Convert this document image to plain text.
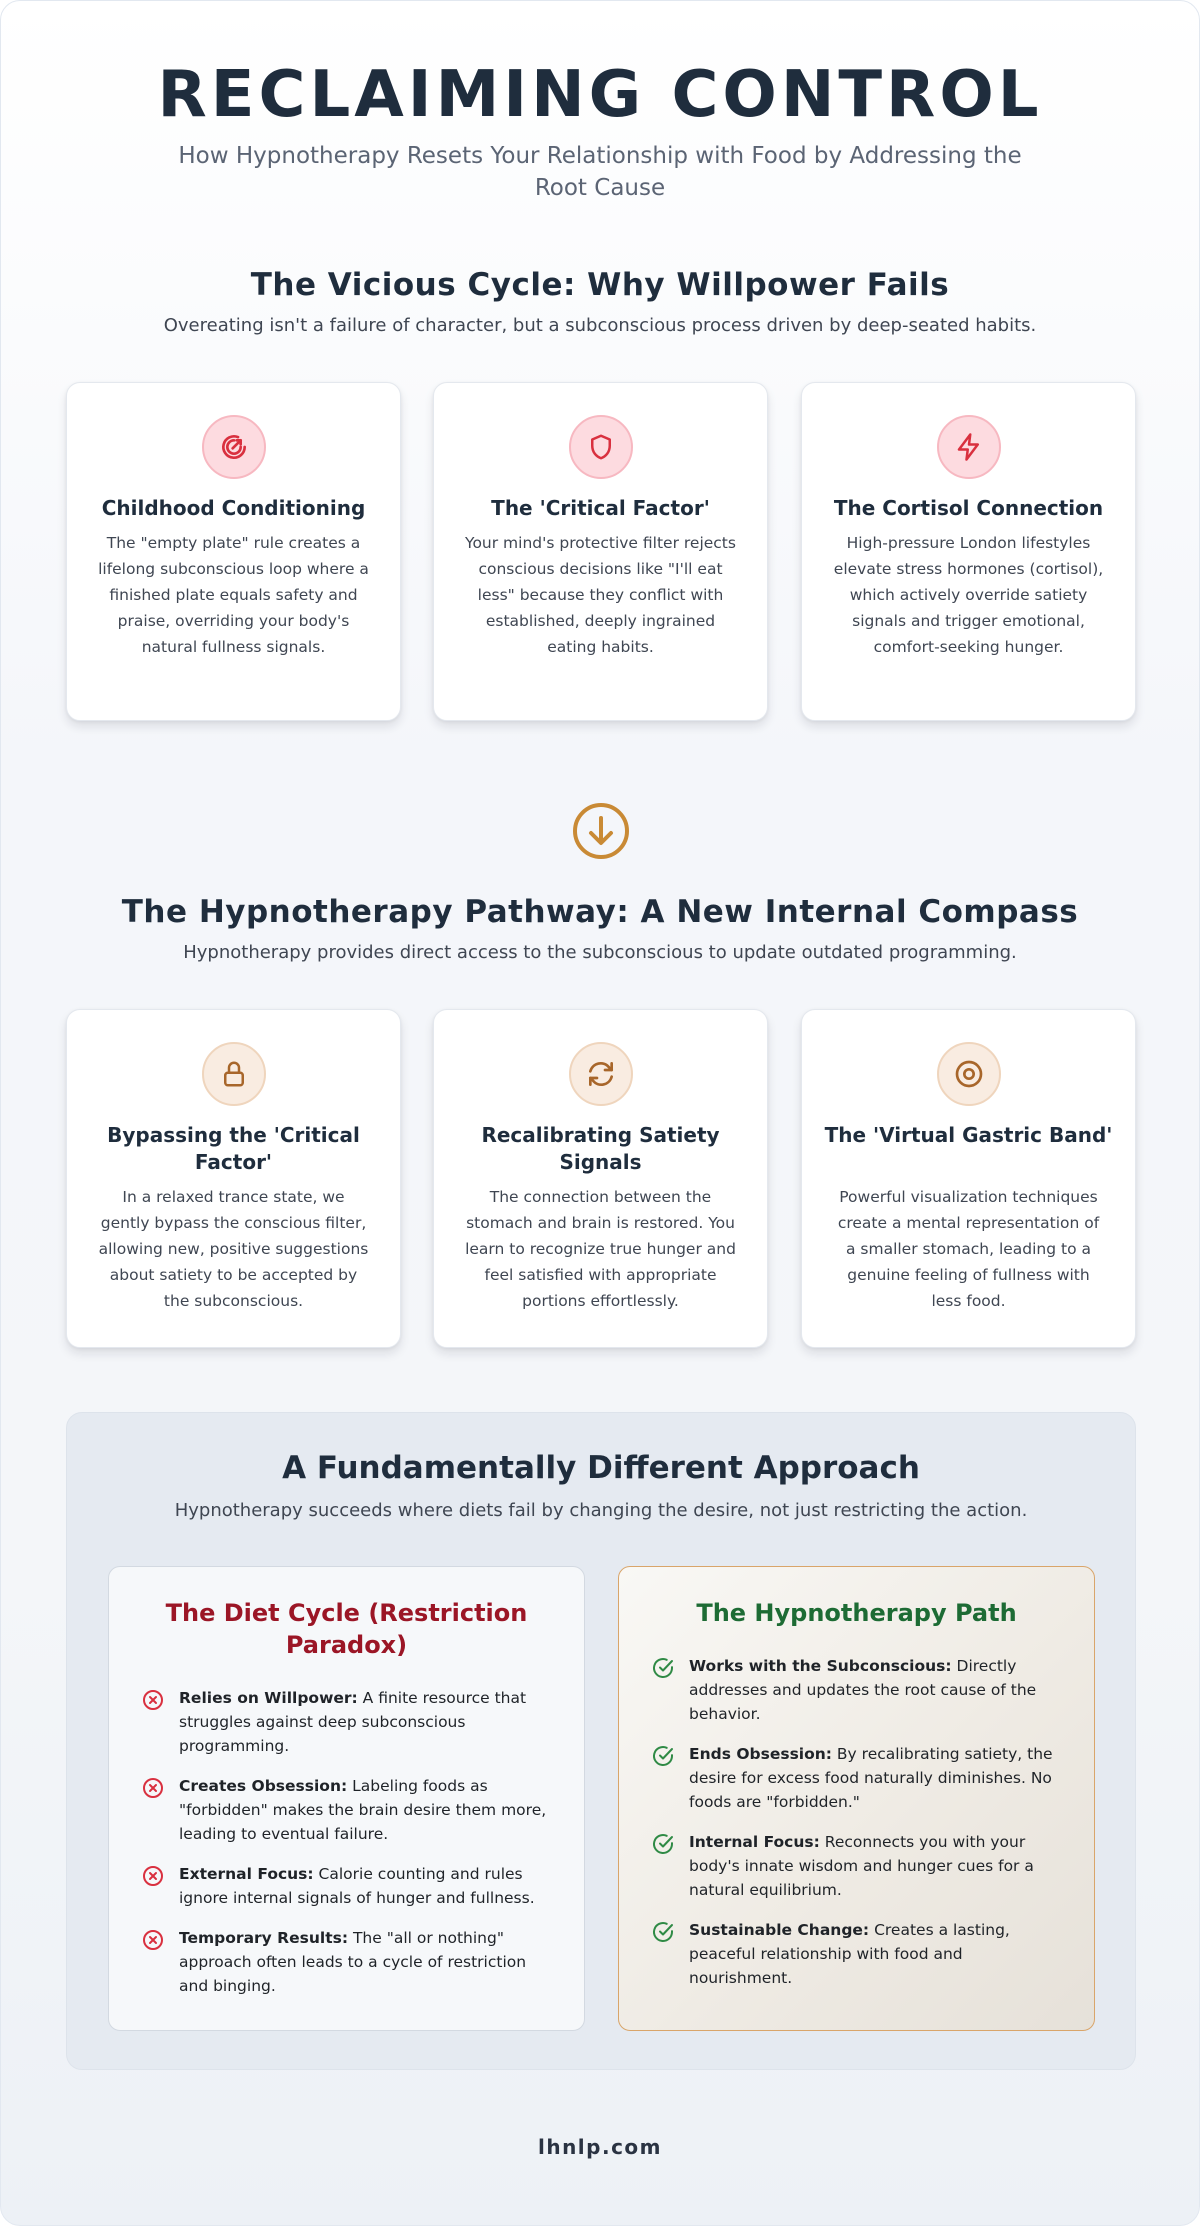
RECLAIMING CONTROL

How Hypnotherapy Resets Your Relationship with Food by Addressing the Root Cause

The Vicious Cycle: Why Willpower Fails

Overeating isn't a failure of character, but a subconscious process driven by deep-seated habits.

Childhood Conditioning
The "empty plate" rule creates a lifelong subconscious loop where a finished plate equals safety and praise, overriding your body's natural fullness signals.
The 'Critical Factor'
Your mind's protective filter rejects conscious decisions like "I'll eat less" because they conflict with established, deeply ingrained eating habits.
The Cortisol Connection
High-pressure London lifestyles elevate stress hormones (cortisol), which actively override satiety signals and trigger emotional, comfort-seeking hunger.
The Hypnotherapy Pathway: A New Internal Compass

Hypnotherapy provides direct access to the subconscious to update outdated programming.

Bypassing the 'Critical Factor'
In a relaxed trance state, we gently bypass the conscious filter, allowing new, positive suggestions about satiety to be accepted by the subconscious.
Recalibrating Satiety Signals
The connection between the stomach and brain is restored. You learn to recognize true hunger and feel satisfied with appropriate portions effortlessly.
The 'Virtual Gastric Band'
Powerful visualization techniques create a mental representation of a smaller stomach, leading to a genuine feeling of fullness with less food.
A Fundamentally Different Approach

Hypnotherapy succeeds where diets fail by changing the desire, not just restricting the action.

The Diet Cycle (Restriction Paradox)
Relies on Willpower: A finite resource that struggles against deep subconscious programming.
Creates Obsession: Labeling foods as "forbidden" makes the brain desire them more, leading to eventual failure.
External Focus: Calorie counting and rules ignore internal signals of hunger and fullness.
Temporary Results: The "all or nothing" approach often leads to a cycle of restriction and binging.
The Hypnotherapy Path
Works with the Subconscious: Directly addresses and updates the root cause of the behavior.
Ends Obsession: By recalibrating satiety, the desire for excess food naturally diminishes. No foods are "forbidden."
Internal Focus: Reconnects you with your body's innate wisdom and hunger cues for a natural equilibrium.
Sustainable Change: Creates a lasting, peaceful relationship with food and nourishment.
lhnlp.com
